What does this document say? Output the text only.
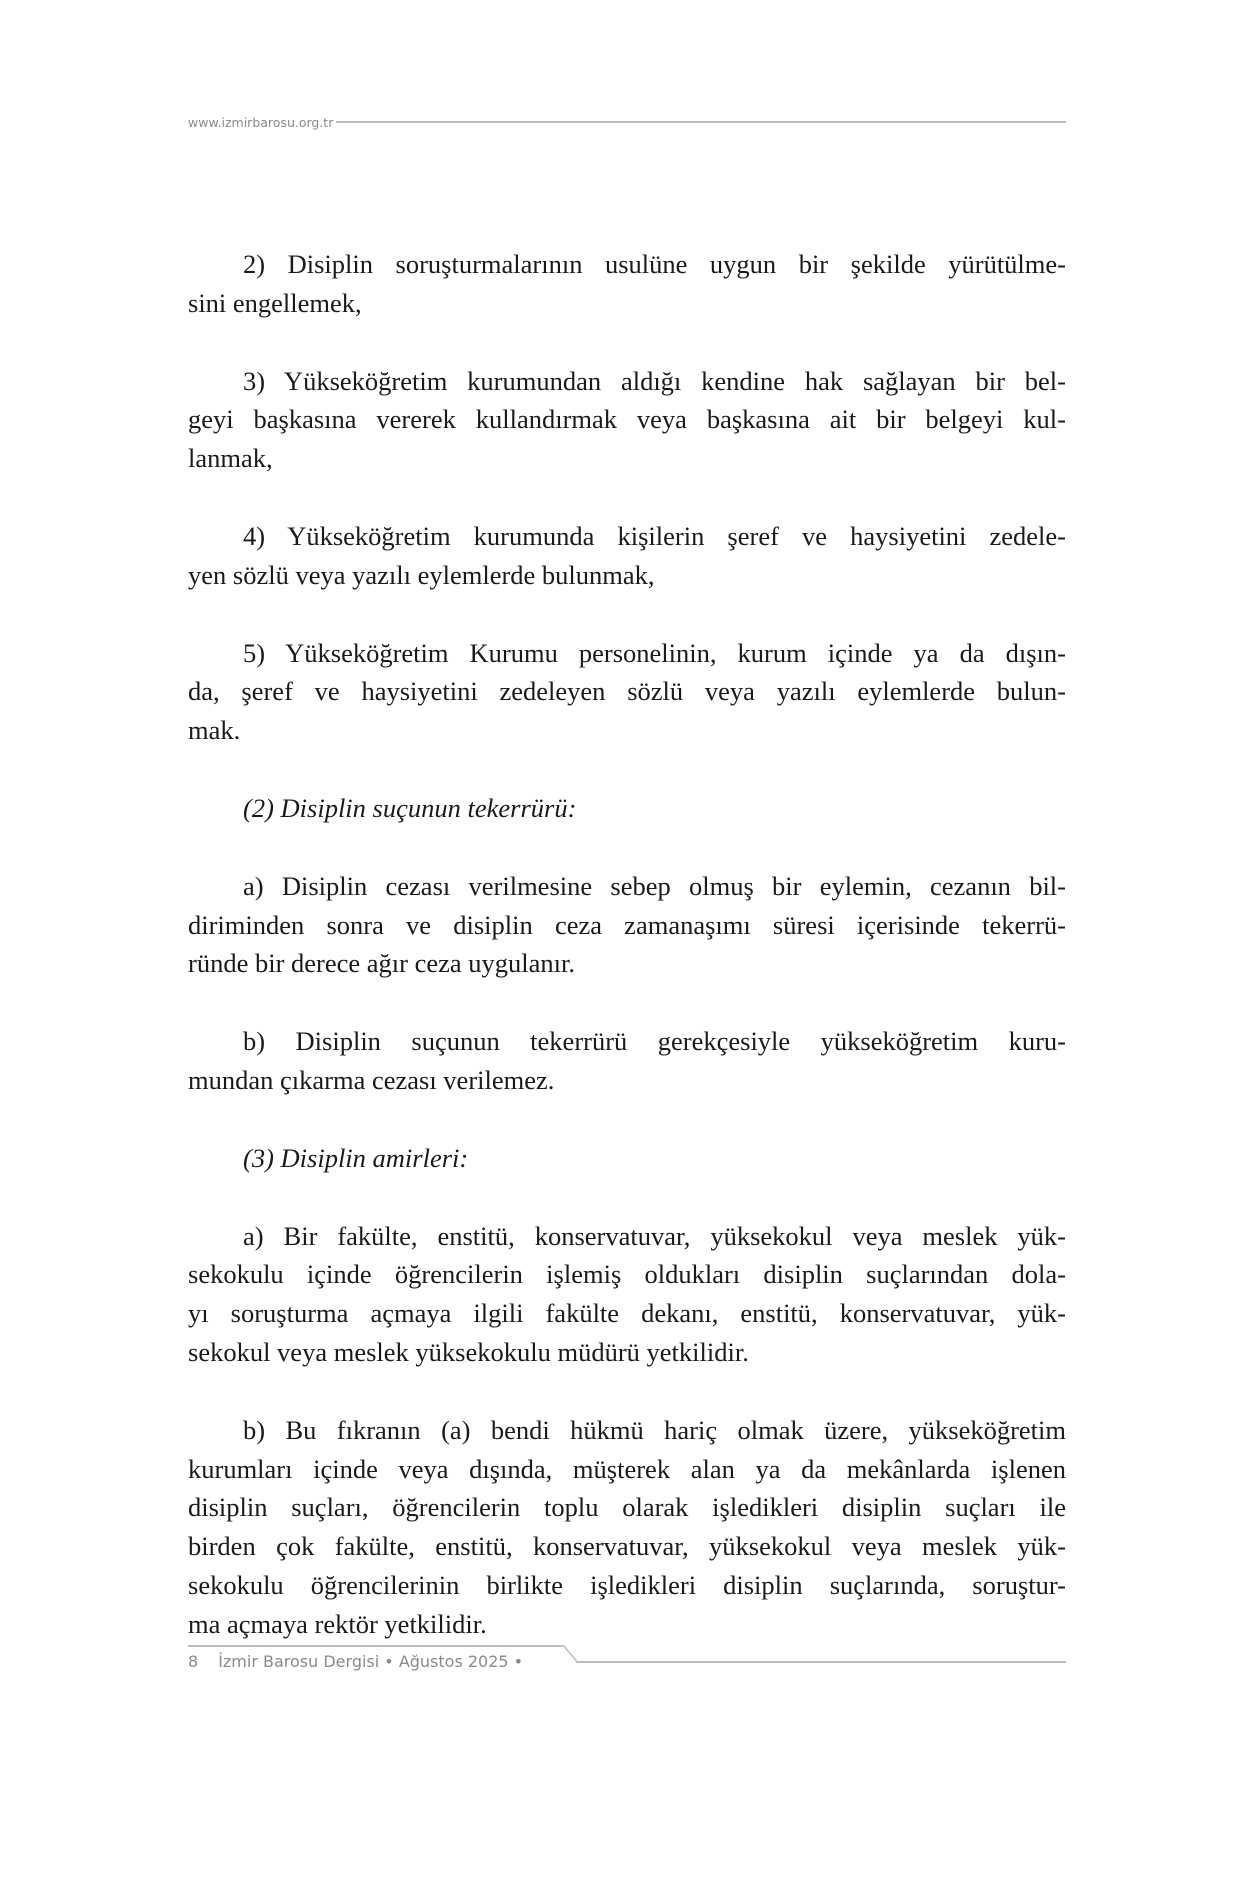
www.izmirbarosu.org.tr
2) Disiplin soruşturmalarının usulüne uygun bir şekilde yürütülme-
sini engellemek,
3) Yükseköğretim kurumundan aldığı kendine hak sağlayan bir bel-
geyi başkasına vererek kullandırmak veya başkasına ait bir belgeyi kul-
lanmak,
4) Yükseköğretim kurumunda kişilerin şeref ve haysiyetini zedele-
yen sözlü veya yazılı eylemlerde bulunmak,
5) Yükseköğretim Kurumu personelinin, kurum içinde ya da dışın-
da, şeref ve haysiyetini zedeleyen sözlü veya yazılı eylemlerde bulun-
mak.
(2) Disiplin suçunun tekerrürü:
a) Disiplin cezası verilmesine sebep olmuş bir eylemin, cezanın bil-
diriminden sonra ve disiplin ceza zamanaşımı süresi içerisinde tekerrü-
ründe bir derece ağır ceza uygulanır.
b) Disiplin suçunun tekerrürü gerekçesiyle yükseköğretim kuru-
mundan çıkarma cezası verilemez.
(3) Disiplin amirleri:
a) Bir fakülte, enstitü, konservatuvar, yüksekokul veya meslek yük-
sekokulu içinde öğrencilerin işlemiş oldukları disiplin suçlarından dola-
yı soruşturma açmaya ilgili fakülte dekanı, enstitü, konservatuvar, yük-
sekokul veya meslek yüksekokulu müdürü yetkilidir.
b) Bu fıkranın (a) bendi hükmü hariç olmak üzere, yükseköğretim
kurumları içinde veya dışında, müşterek alan ya da mekânlarda işlenen
disiplin suçları, öğrencilerin toplu olarak işledikleri disiplin suçları ile
birden çok fakülte, enstitü, konservatuvar, yüksekokul veya meslek yük-
sekokulu öğrencilerinin birlikte işledikleri disiplin suçlarında, soruştur-
ma açmaya rektör yetkilidir.
8 İzmir Barosu Dergisi • Ağustos 2025 •
